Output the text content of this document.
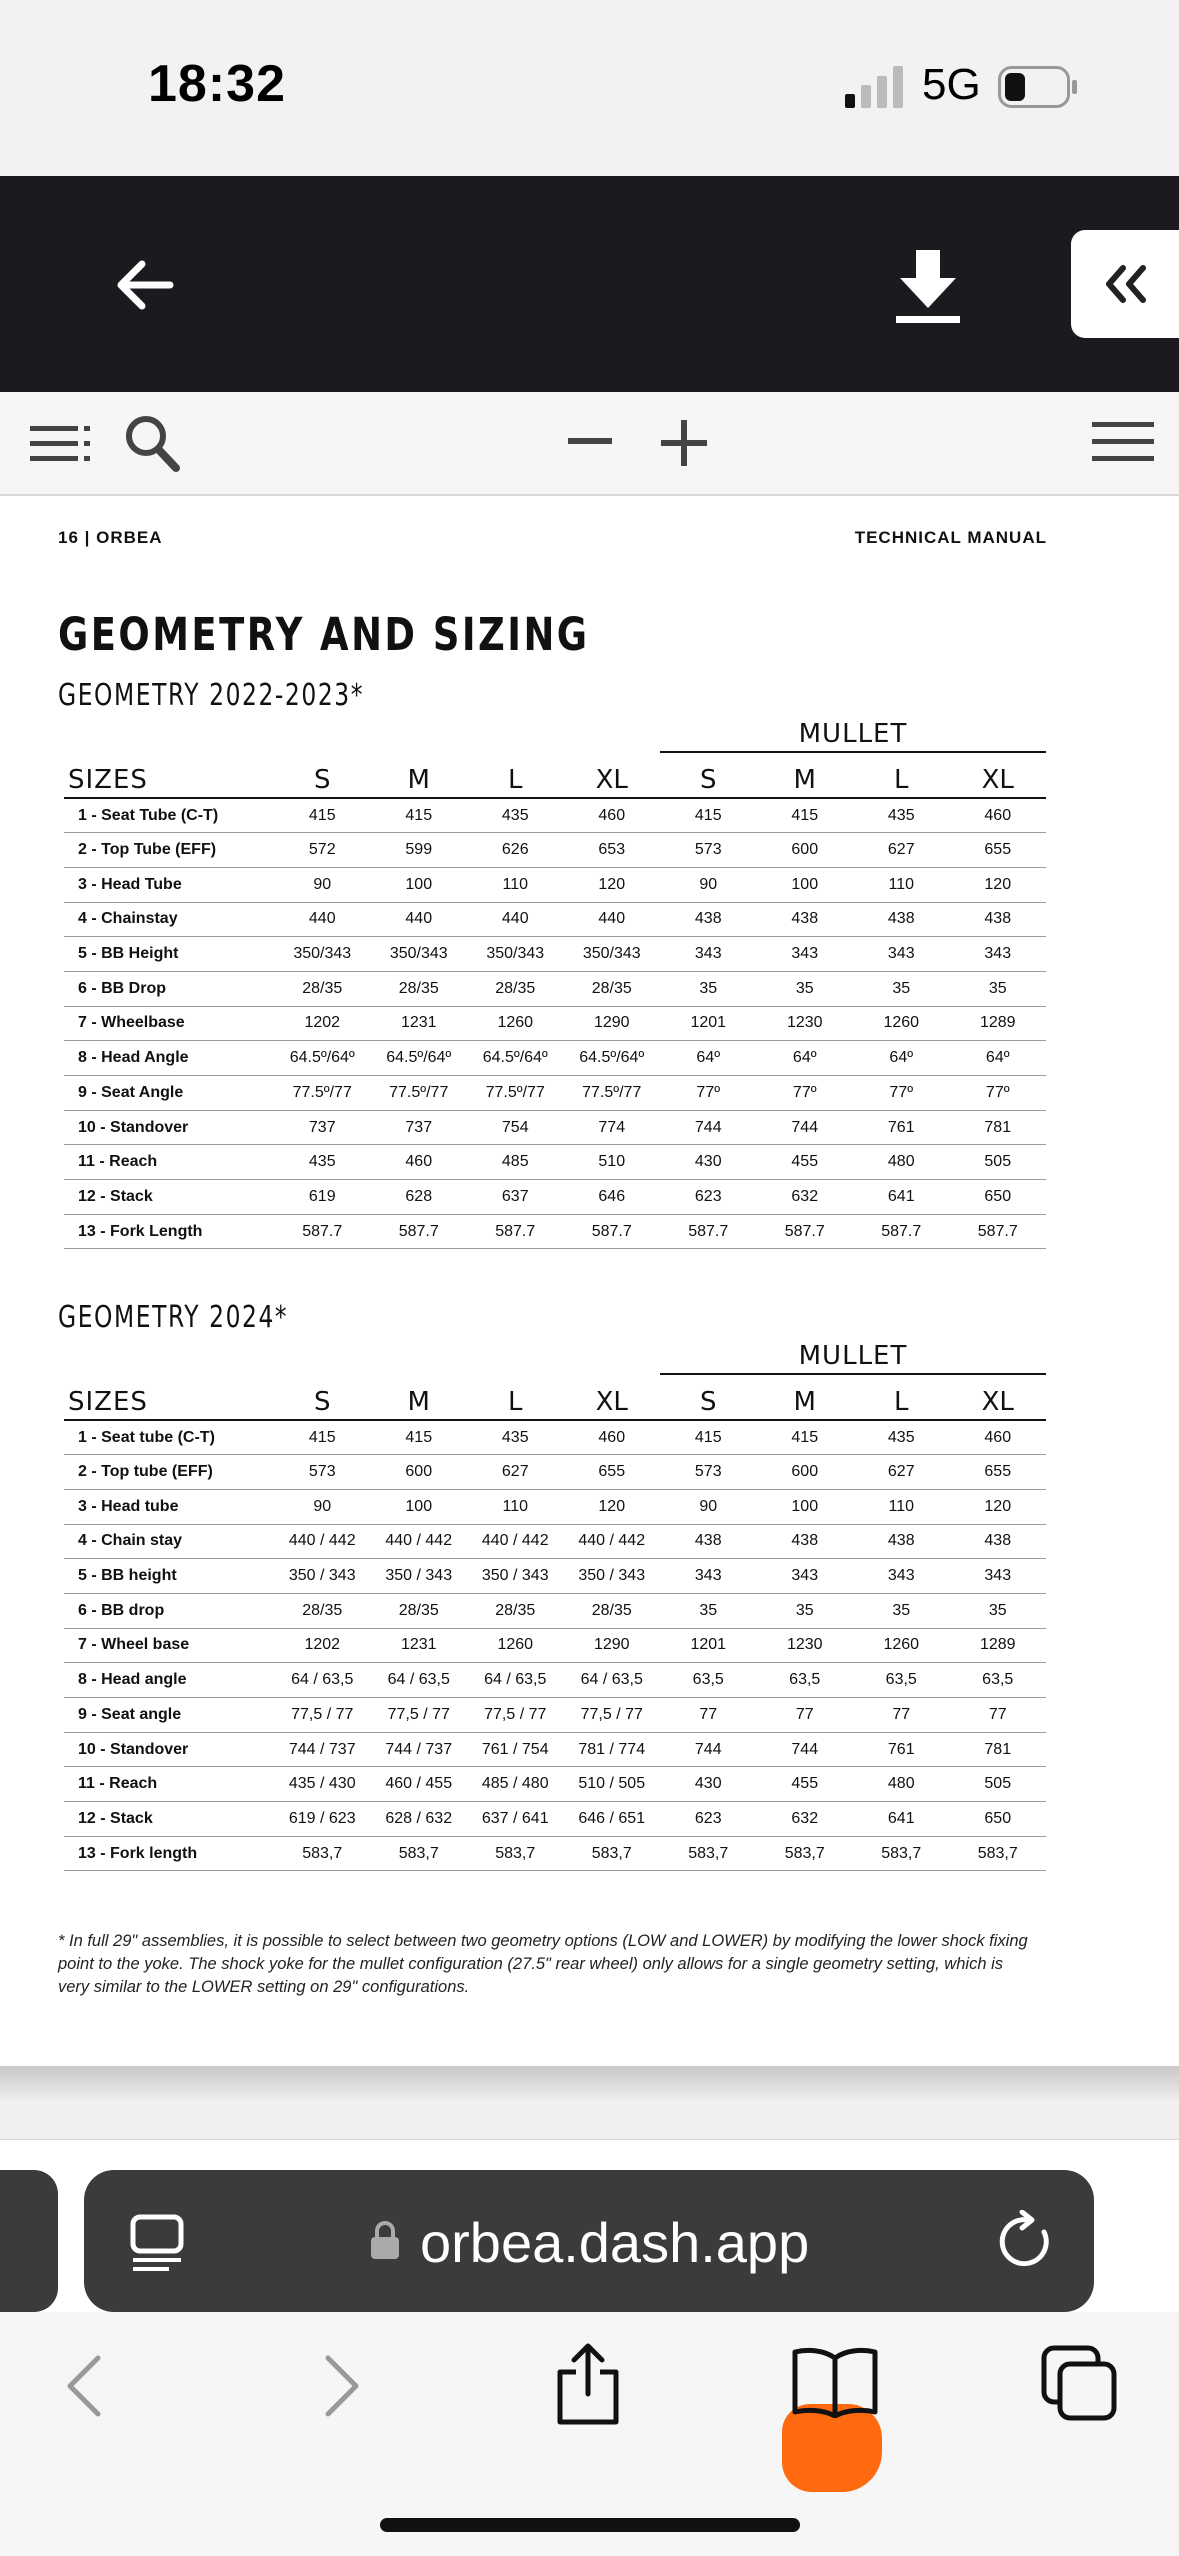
18:32	5G
16 | ORBEA	TECHNICAL MANUAL
GEOMETRY AND SIZING
GEOMETRY 2022-2023*
					MULLET			
SIZES	S	M	L	XL	S	M	L	XL
1 - Seat Tube (C-T)	415	415	435	460	415	415	435	460
2 - Top Tube (EFF)	572	599	626	653	573	600	627	655
3 - Head Tube	90	100	110	120	90	100	110	120
4 - Chainstay	440	440	440	440	438	438	438	438
5 - BB Height	350/343	350/343	350/343	350/343	343	343	343	343
6 - BB Drop	28/35	28/35	28/35	28/35	35	35	35	35
7 - Wheelbase	1202	1231	1260	1290	1201	1230	1260	1289
8 - Head Angle	64.5º/64º	64.5º/64º	64.5º/64º	64.5º/64º	64º	64º	64º	64º
9 - Seat Angle	77.5º/77	77.5º/77	77.5º/77	77.5º/77	77º	77º	77º	77º
10 - Standover	737	737	754	774	744	744	761	781
11 - Reach	435	460	485	510	430	455	480	505
12 - Stack	619	628	637	646	623	632	641	650
13 - Fork Length	587.7	587.7	587.7	587.7	587.7	587.7	587.7	587.7
GEOMETRY 2024*
					MULLET			
SIZES	S	M	L	XL	S	M	L	XL
1 - Seat tube (C-T)	415	415	435	460	415	415	435	460
2 - Top tube (EFF)	573	600	627	655	573	600	627	655
3 - Head tube	90	100	110	120	90	100	110	120
4 - Chain stay	440 / 442	440 / 442	440 / 442	440 / 442	438	438	438	438
5 - BB height	350 / 343	350 / 343	350 / 343	350 / 343	343	343	343	343
6 - BB drop	28/35	28/35	28/35	28/35	35	35	35	35
7 - Wheel base	1202	1231	1260	1290	1201	1230	1260	1289
8 - Head angle	64 / 63,5	64 / 63,5	64 / 63,5	64 / 63,5	63,5	63,5	63,5	63,5
9 - Seat angle	77,5 / 77	77,5 / 77	77,5 / 77	77,5 / 77	77	77	77	77
10 - Standover	744 / 737	744 / 737	761 / 754	781 / 774	744	744	761	781
11 - Reach	435 / 430	460 / 455	485 / 480	510 / 505	430	455	480	505
12 - Stack	619 / 623	628 / 632	637 / 641	646 / 651	623	632	641	650
13 - Fork length	583,7	583,7	583,7	583,7	583,7	583,7	583,7	583,7
* In full 29" assemblies, it is possible to select between two geometry options (LOW and LOWER) by modifying the lower shock fixing point to the yoke. The shock yoke for the mullet configuration (27.5" rear wheel) only allows for a single geometry setting, which is very similar to the LOWER setting on 29" configurations.
orbea.dash.app
